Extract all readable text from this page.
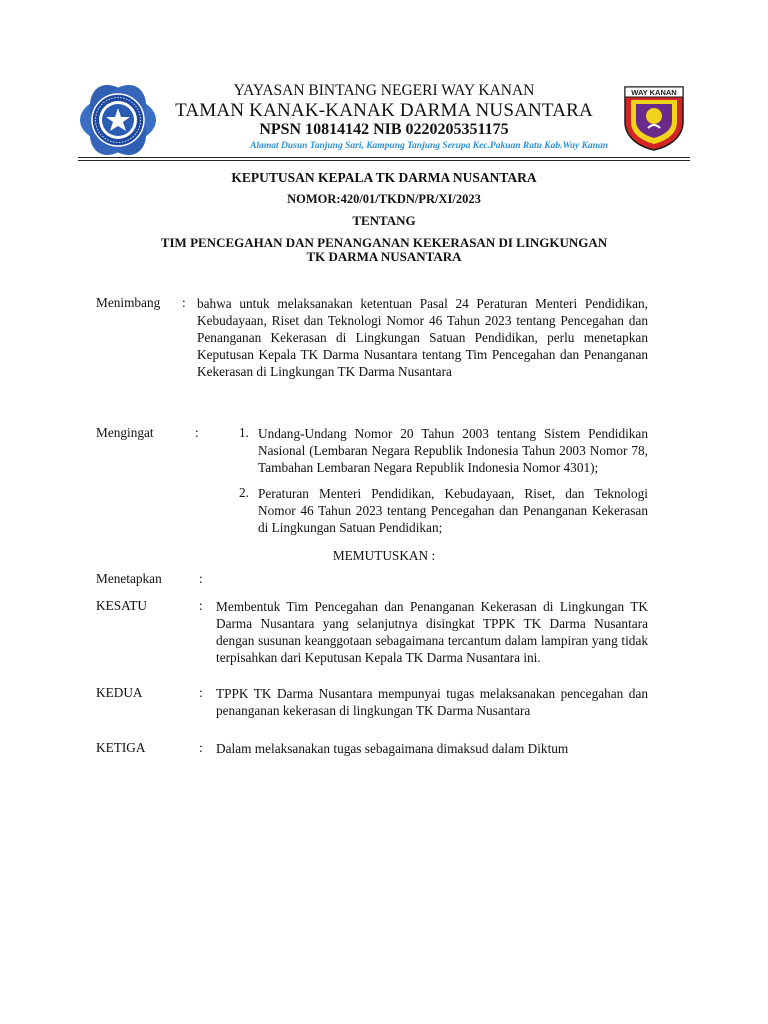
WAY KANAN
YAYASAN BINTANG NEGERI WAY KANAN
TAMAN KANAK-KANAK DARMA NUSANTARA
NPSN 10814142 NIB 0220205351175
Alamat Dusun Tanjung Sari, Kampung Tanjung Serupa Kec.Pakuan Ratu Kab.Way Kanan
KEPUTUSAN KEPALA TK DARMA NUSANTARA
NOMOR:420/01/TKDN/PR/XI/2023
TENTANG
TIM PENCEGAHAN DAN PENANGANAN KEKERASAN DI LINGKUNGAN
TK DARMA NUSANTARA
Menimbang : bahwa untuk melaksanakan ketentuan Pasal 24 Peraturan Menteri Pendidikan, Kebudayaan, Riset dan Teknologi Nomor 46 Tahun 2023 tentang Pencegahan dan Penanganan Kekerasan di Lingkungan Satuan Pendidikan, perlu menetapkan Keputusan Kepala TK Darma Nusantara tentang Tim Pencegahan dan Penanganan Kekerasan di Lingkungan TK Darma Nusantara
Mengingat	:	1. Undang-Undang Nomor 20 Tahun 2003 tentang Sistem Pendidikan Nasional (Lembaran Negara Republik Indonesia Tahun 2003 Nomor 78, Tambahan Lembaran Negara Republik Indonesia Nomor 4301);
2. Peraturan Menteri Pendidikan, Kebudayaan, Riset, dan Teknologi Nomor 46 Tahun 2023 tentang Pencegahan dan Penanganan Kekerasan di Lingkungan Satuan Pendidikan;
MEMUTUSKAN :
Menetapkan	:
KESATU	: Membentuk Tim Pencegahan dan Penanganan Kekerasan di Lingkungan TK Darma Nusantara yang selanjutnya disingkat TPPK TK Darma Nusantara dengan susunan keanggotaan sebagaimana tercantum dalam lampiran yang tidak terpisahkan dari Keputusan Kepala TK Darma Nusantara ini.
KEDUA	: TPPK TK Darma Nusantara mempunyai tugas melaksanakan pencegahan dan penanganan kekerasan di lingkungan TK Darma Nusantara
KETIGA	: Dalam melaksanakan tugas sebagaimana dimaksud dalam Diktum
